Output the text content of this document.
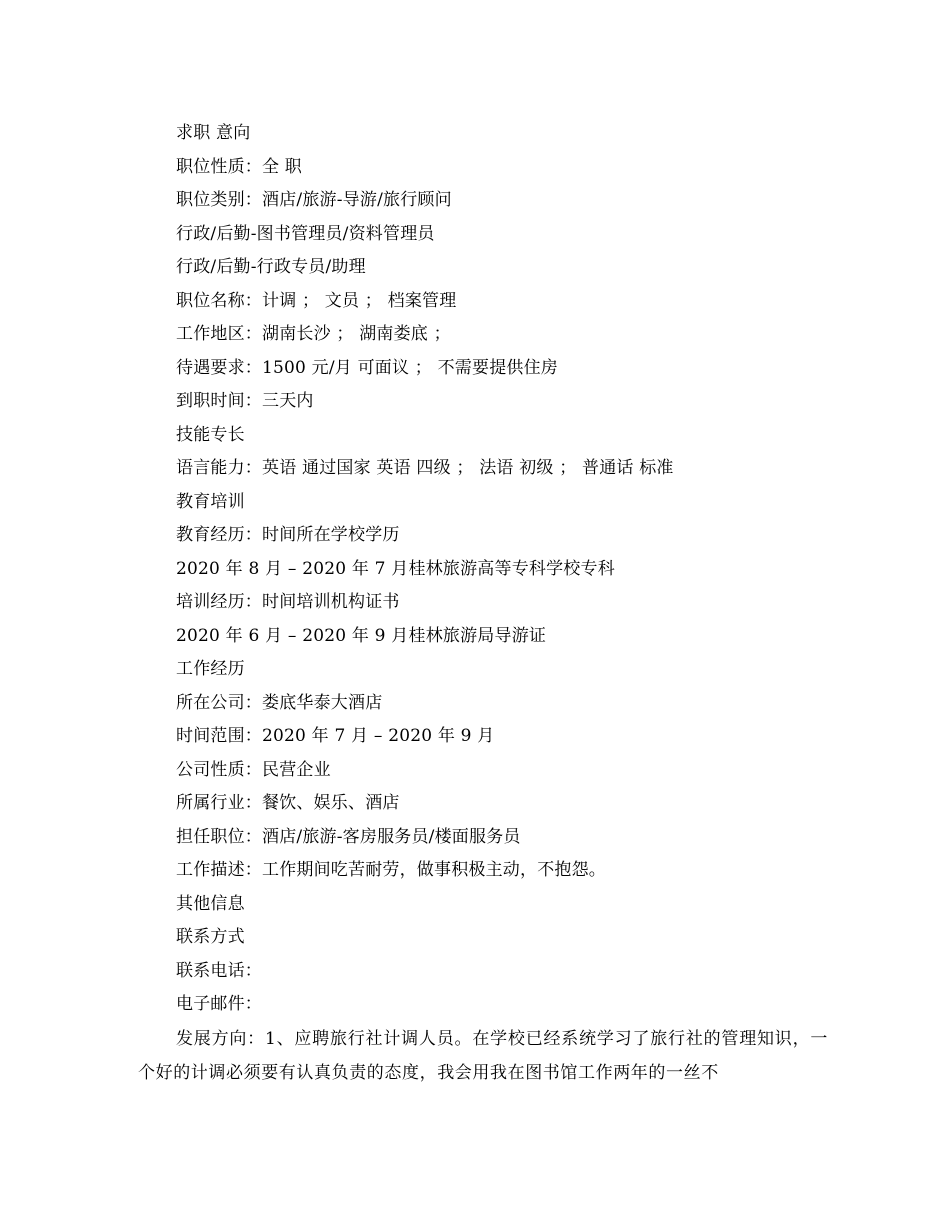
求职 意向
职位性质：全 职
职位类别：酒店/旅游-导游/旅行顾问
行政/后勤-图书管理员/资料管理员
行政/后勤-行政专员/助理
职位名称：计调 ； 文员 ； 档案管理
工作地区：湖南长沙 ； 湖南娄底 ；
待遇要求：1500 元/月 可面议 ； 不需要提供住房
到职时间：三天内
技能专长
语言能力：英语 通过国家 英语 四级 ； 法语 初级 ； 普通话 标准
教育培训
教育经历：时间所在学校学历
2020 年 8 月 – 2020 年 7 月桂林旅游高等专科学校专科
培训经历：时间培训机构证书
2020 年 6 月 – 2020 年 9 月桂林旅游局导游证
工作经历
所在公司：娄底华泰大酒店
时间范围：2020 年 7 月 – 2020 年 9 月
公司性质：民营企业
所属行业：餐饮、娱乐、酒店
担任职位：酒店/旅游-客房服务员/楼面服务员
工作描述：工作期间吃苦耐劳，做事积极主动，不抱怨。
其他信息
联系方式
联系电话：
电子邮件：
发展方向：1、应聘旅行社计调人员。在学校已经系统学习了旅行社的管理知识，一个好的计调必须要有认真负责的态度，我会用我在图书馆工作两年的一丝不
